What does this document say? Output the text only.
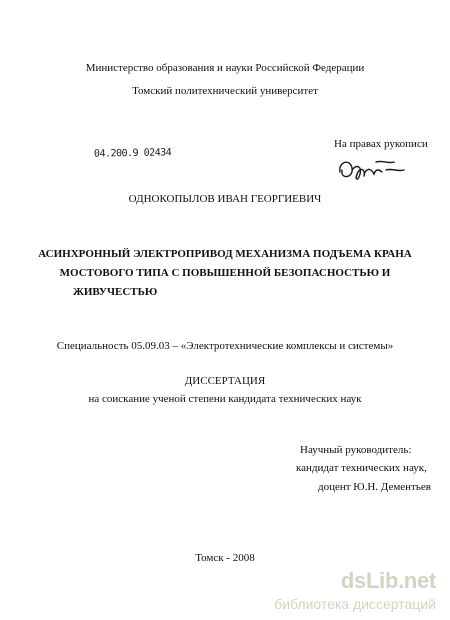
Министерство образования и науки Российской Федерации
Томский политехнический университет
04.200.9 02434
На правах рукописи
ОДНОКОПЫЛОВ ИВАН ГЕОРГИЕВИЧ
АСИНХРОННЫЙ ЭЛЕКТРОПРИВОД МЕХАНИЗМА ПОДЪЕМА КРАНА
МОСТОВОГО ТИПА С ПОВЫШЕННОЙ БЕЗОПАСНОСТЬЮ И
ЖИВУЧЕСТЬЮ
Специальность 05.09.03 – «Электротехнические комплексы и системы»
ДИССЕРТАЦИЯ
на соискание ученой степени кандидата технических наук
Научный руководитель:
кандидат технических наук,
доцент Ю.Н. Дементьев
Томск - 2008
dsLib.net
библиотека диссертаций
